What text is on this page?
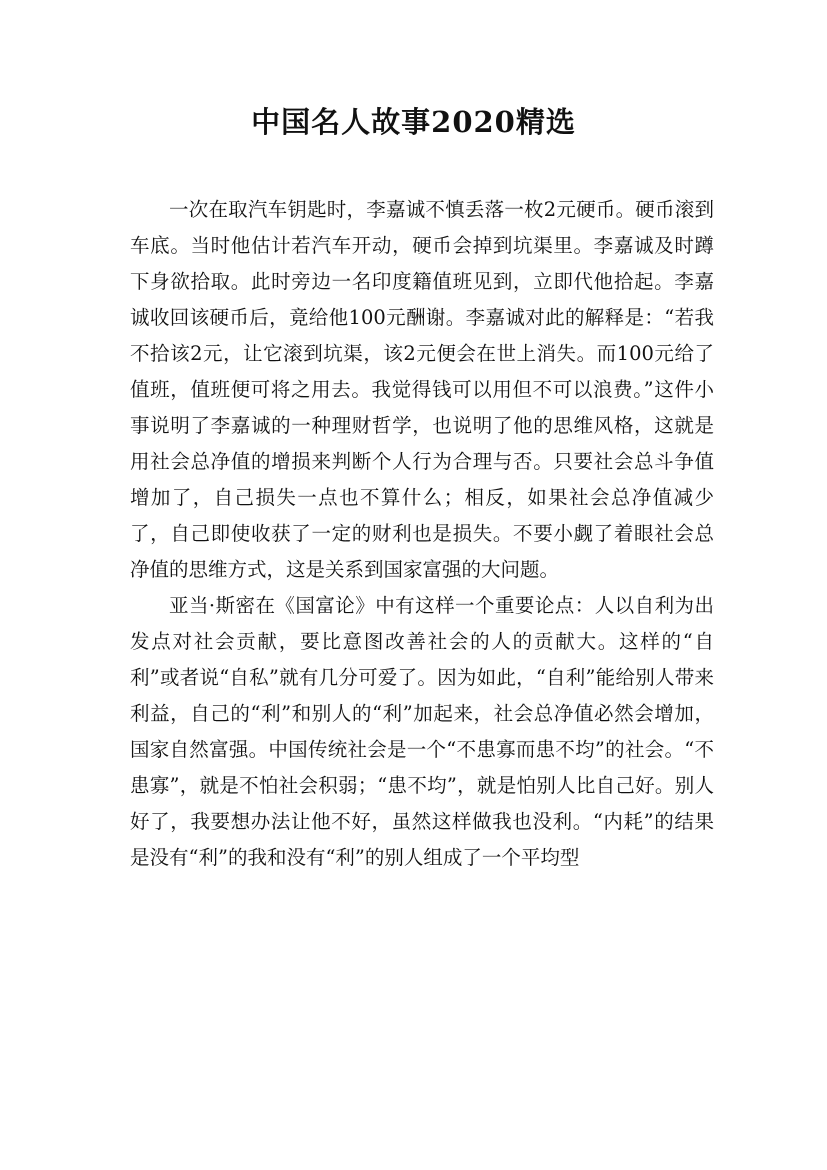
中国名人故事2020精选

一次在取汽车钥匙时，李嘉诚不慎丢落一枚2元硬币。硬币滚到车底。当时他估计若汽车开动，硬币会掉到坑渠里。李嘉诚及时蹲下身欲拾取。此时旁边一名印度籍值班见到，立即代他拾起。李嘉诚收回该硬币后，竟给他100元酬谢。李嘉诚对此的解释是：“若我不拾该2元，让它滚到坑渠，该2元便会在世上消失。而100元给了值班，值班便可将之用去。我觉得钱可以用但不可以浪费。”这件小事说明了李嘉诚的一种理财哲学，也说明了他的思维风格，这就是用社会总净值的增损来判断个人行为合理与否。只要社会总斗争值增加了，自己损失一点也不算什么；相反，如果社会总净值减少了，自己即使收获了一定的财利也是损失。不要小觑了着眼社会总净值的思维方式，这是关系到国家富强的大问题。

亚当·斯密在《国富论》中有这样一个重要论点：人以自利为出发点对社会贡献，要比意图改善社会的人的贡献大。这样的“自利”或者说“自私”就有几分可爱了。因为如此，“自利”能给别人带来利益，自己的“利”和别人的“利”加起来，社会总净值必然会增加，国家自然富强。中国传统社会是一个“不患寡而患不均”的社会。“不患寡”，就是不怕社会积弱；“患不均”，就是怕别人比自己好。别人好了，我要想办法让他不好，虽然这样做我也没利。“内耗”的结果是没有“利”的我和没有“利”的别人组成了一个平均型
